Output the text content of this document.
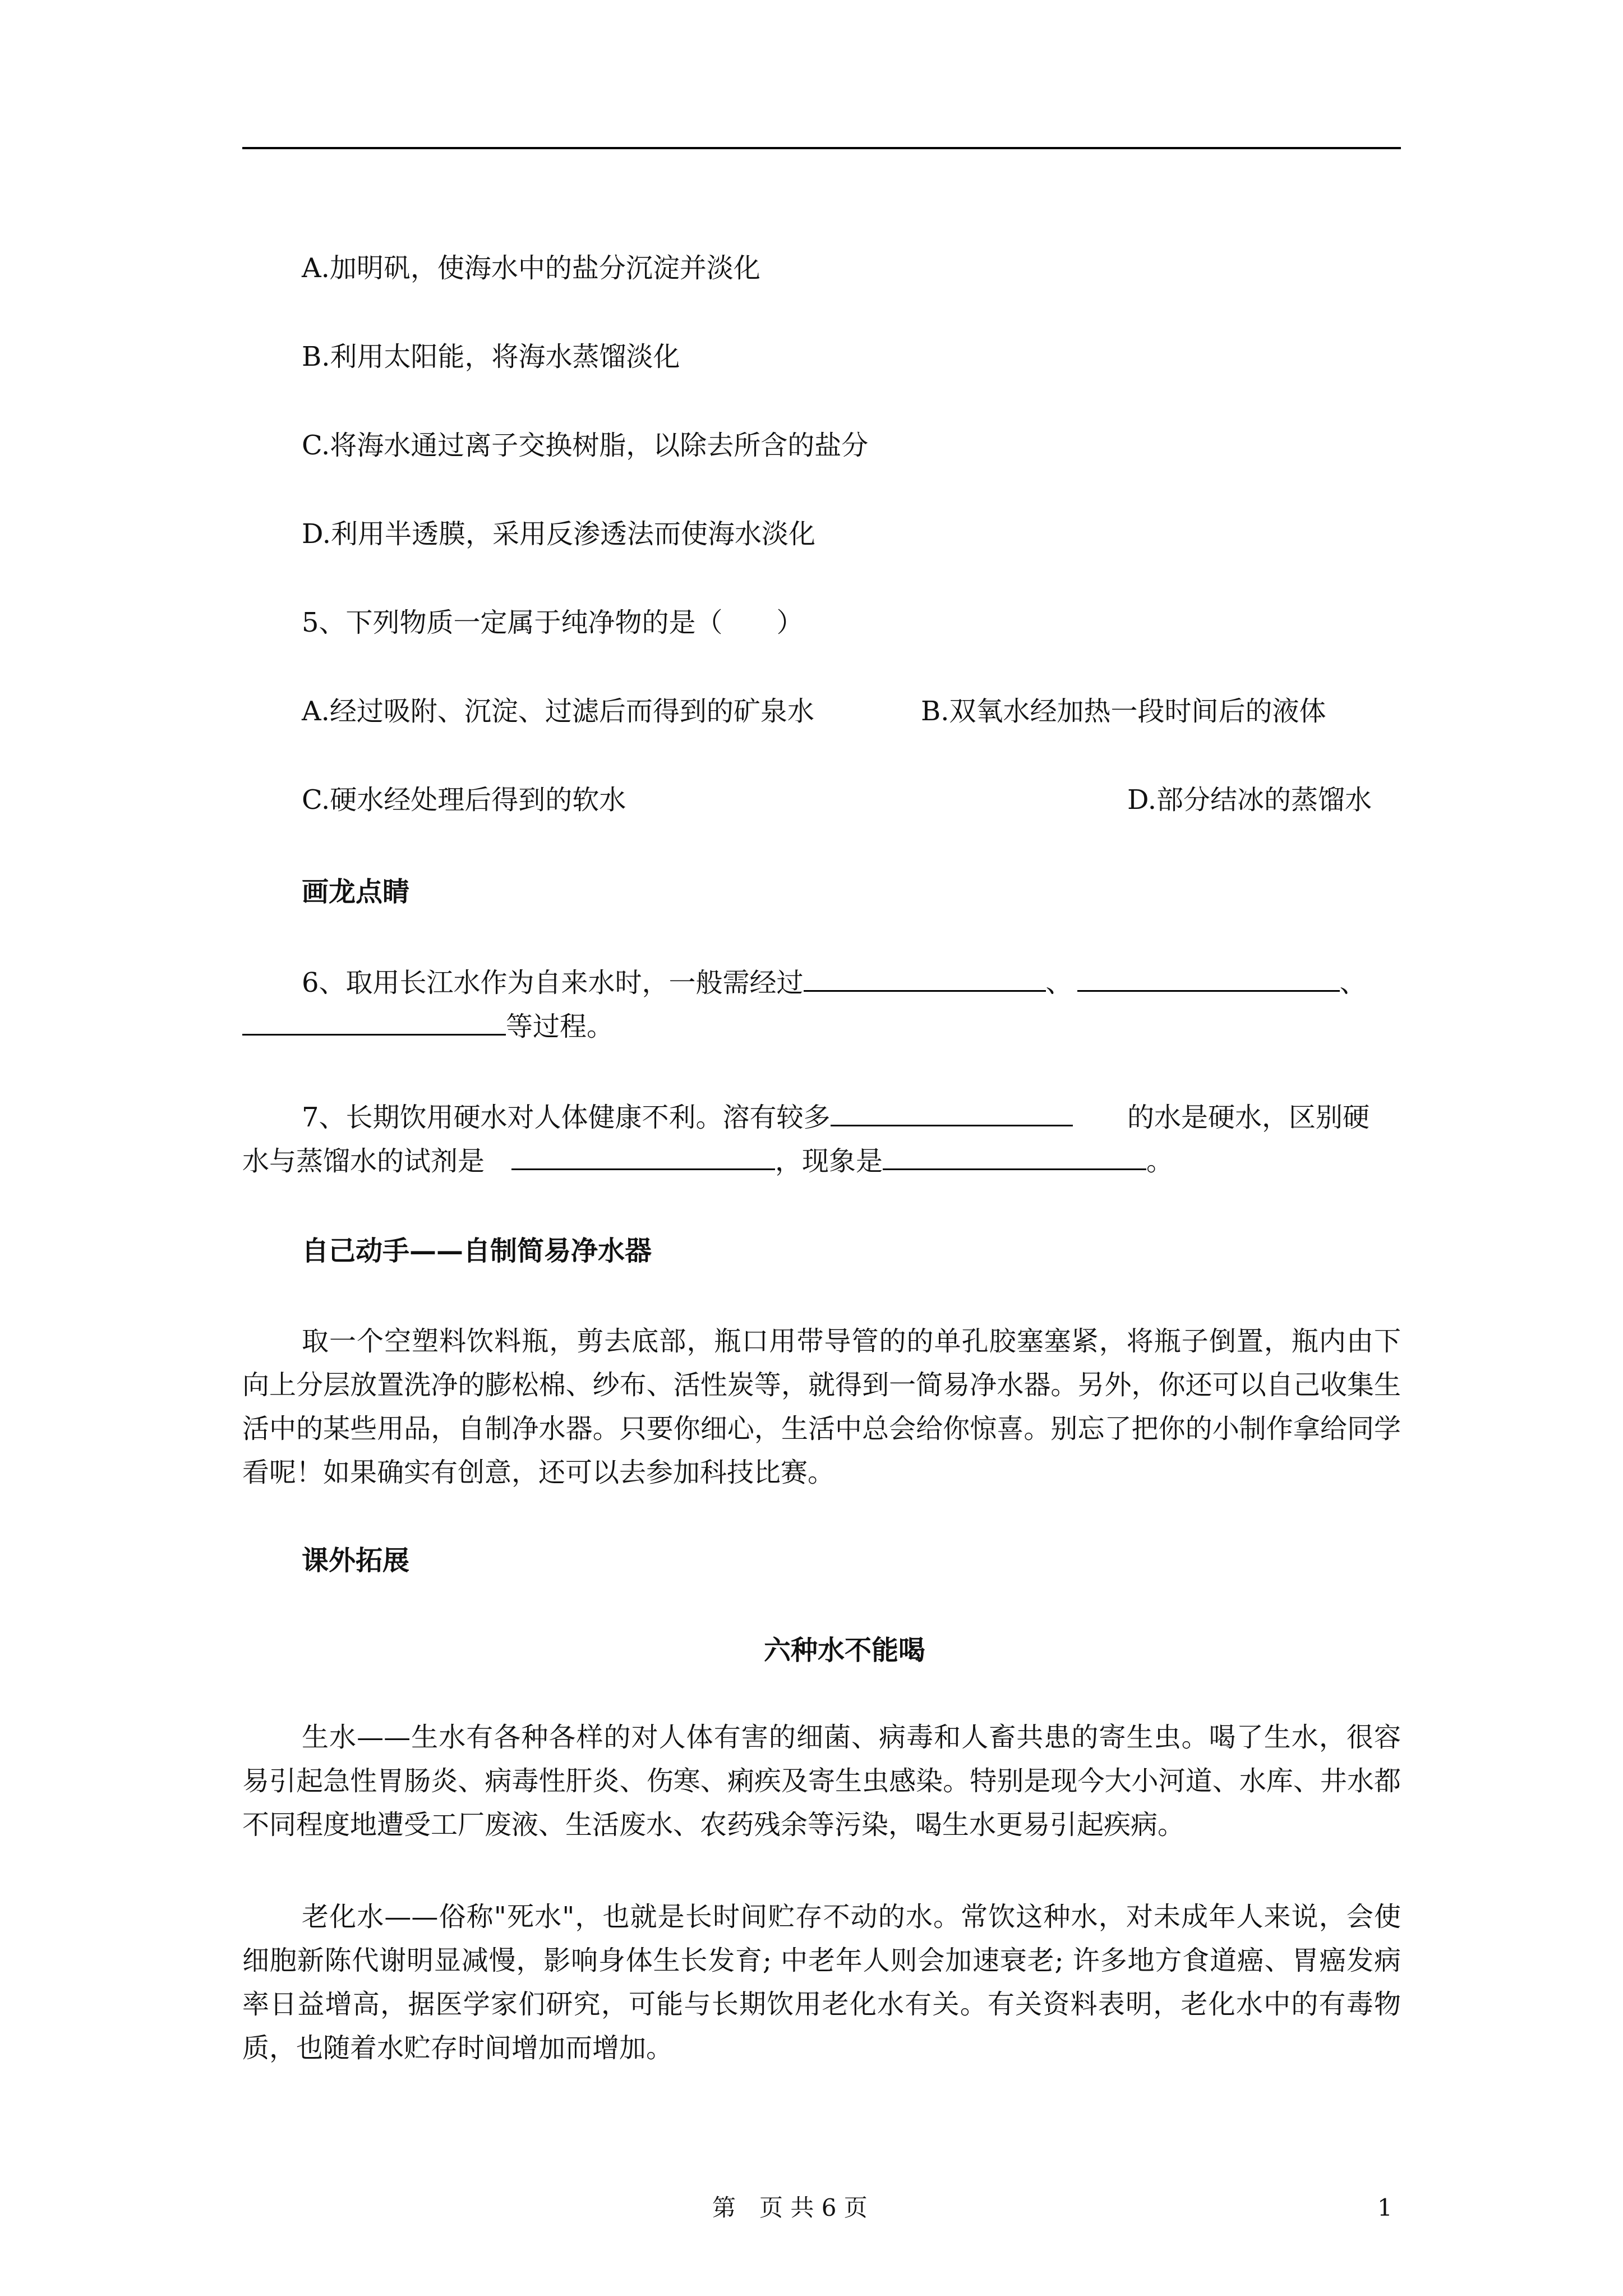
A.加明矾，使海水中的盐分沉淀并淡化
B.利用太阳能，将海水蒸馏淡化
C.将海水通过离子交换树脂，以除去所含的盐分
D.利用半透膜，采用反渗透法而使海水淡化
5、下列物质一定属于纯净物的是（　　）
A.经过吸附、沉淀、过滤后而得到的矿泉水	B.双氧水经加热一段时间后的液体
C.硬水经处理后得到的软水	D.部分结冰的蒸馏水
画龙点睛
6、取用长江水作为自来水时，一般需经过	、	、
等过程。
7、长期饮用硬水对人体健康不利。溶有较多	的水是硬水，区别硬
，现象是	。
水与蒸馏水的试剂是
自己动手——自制简易净水器
取一个空塑料饮料瓶，剪去底部，瓶口用带导管的的单孔胶塞塞紧，将瓶子倒置，瓶内由下向上分层放置洗净的膨松棉、纱布、活性炭等，就得到一简易净水器。另外，你还可以自己收集生活中的某些用品，自制净水器。只要你细心，生活中总会给你惊喜。别忘了把你的小制作拿给同学看呢！如果确实有创意，还可以去参加科技比赛。
课外拓展
六种水不能喝
生水——生水有各种各样的对人体有害的细菌、病毒和人畜共患的寄生虫。喝了生水，很容易引起急性胃肠炎、病毒性肝炎、伤寒、痢疾及寄生虫感染。特别是现今大小河道、水库、井水都不同程度地遭受工厂废液、生活废水、农药残余等污染，喝生水更易引起疾病。
老化水——俗称"死水"，也就是长时间贮存不动的水。常饮这种水，对未成年人来说，会使细胞新陈代谢明显减慢，影响身体生长发育; 中老年人则会加速衰老; 许多地方食道癌、胃癌发病率日益增高，据医学家们研究，可能与长期饮用老化水有关。有关资料表明，老化水中的有毒物质，也随着水贮存时间增加而增加。
第　页 共 6 页	1
